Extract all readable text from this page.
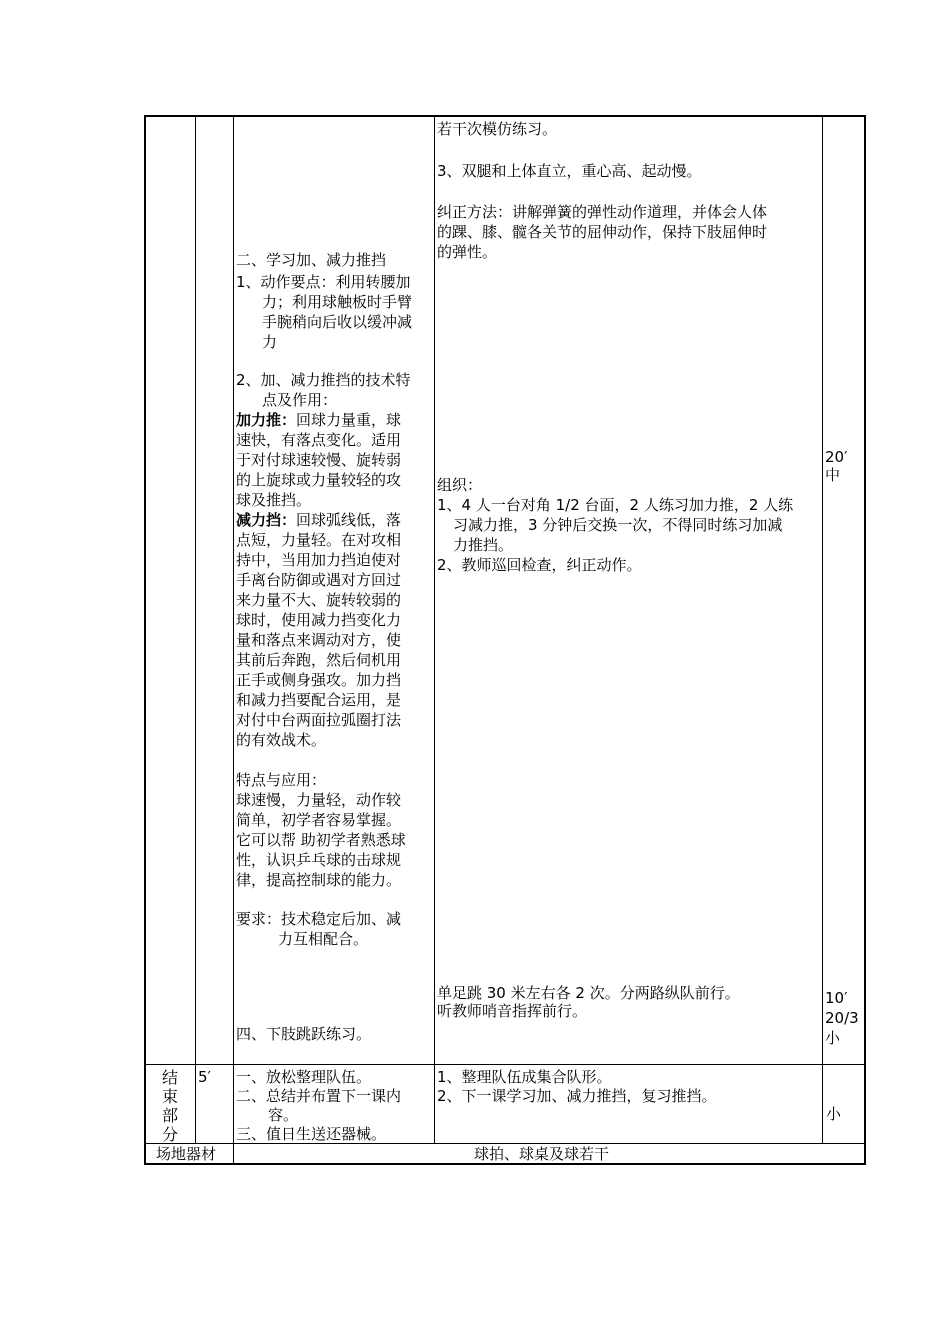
二、学习加、减力推挡
1、动作要点：利用转腰加
力；利用球触板时手臂
手腕稍向后收以缓冲减
力
2、加、减力推挡的技术特
点及作用：
加力推：回球力量重，球
速快，有落点变化。适用
于对付球速较慢、旋转弱
的上旋球或力量较轻的攻
球及推挡。
减力挡：回球弧线低，落
点短，力量轻。在对攻相
持中，当用加力挡迫使对
手离台防御或遇对方回过
来力量不大、旋转较弱的
球时，使用减力挡变化力
量和落点来调动对方，使
其前后奔跑，然后伺机用
正手或侧身强攻。加力挡
和减力挡要配合运用，是
对付中台两面拉弧圈打法
的有效战术。
特点与应用：
球速慢，力量轻，动作较
简单，初学者容易掌握。
它可以帮 助初学者熟悉球
性，认识乒乓球的击球规
律，提高控制球的能力。
要求：技术稳定后加、减
力互相配合。
四、下肢跳跃练习。
若干次模仿练习。
3、双腿和上体直立，重心高、起动慢。
纠正方法：讲解弹簧的弹性动作道理，并体会人体
的踝、膝、髋各关节的屈伸动作，保持下肢屈伸时
的弹性。
组织：
1、4 人一台对角 1/2 台面，2 人练习加力推，2 人练
习减力推，3 分钟后交换一次，不得同时练习加减
力推挡。
2、教师巡回检查，纠正动作。
单足跳 30 米左右各 2 次。分两路纵队前行。
听教师哨音指挥前行。
20′
中
10′
20/3
小
结
束
部
分
5′ 一、放松整理队伍。
二、总结并布置下一课内
容。
三、值日生送还器械。
1、整理队伍成集合队形。
2、下一课学习加、减力推挡，复习推挡。
小
场地器材	球拍、球桌及球若干
